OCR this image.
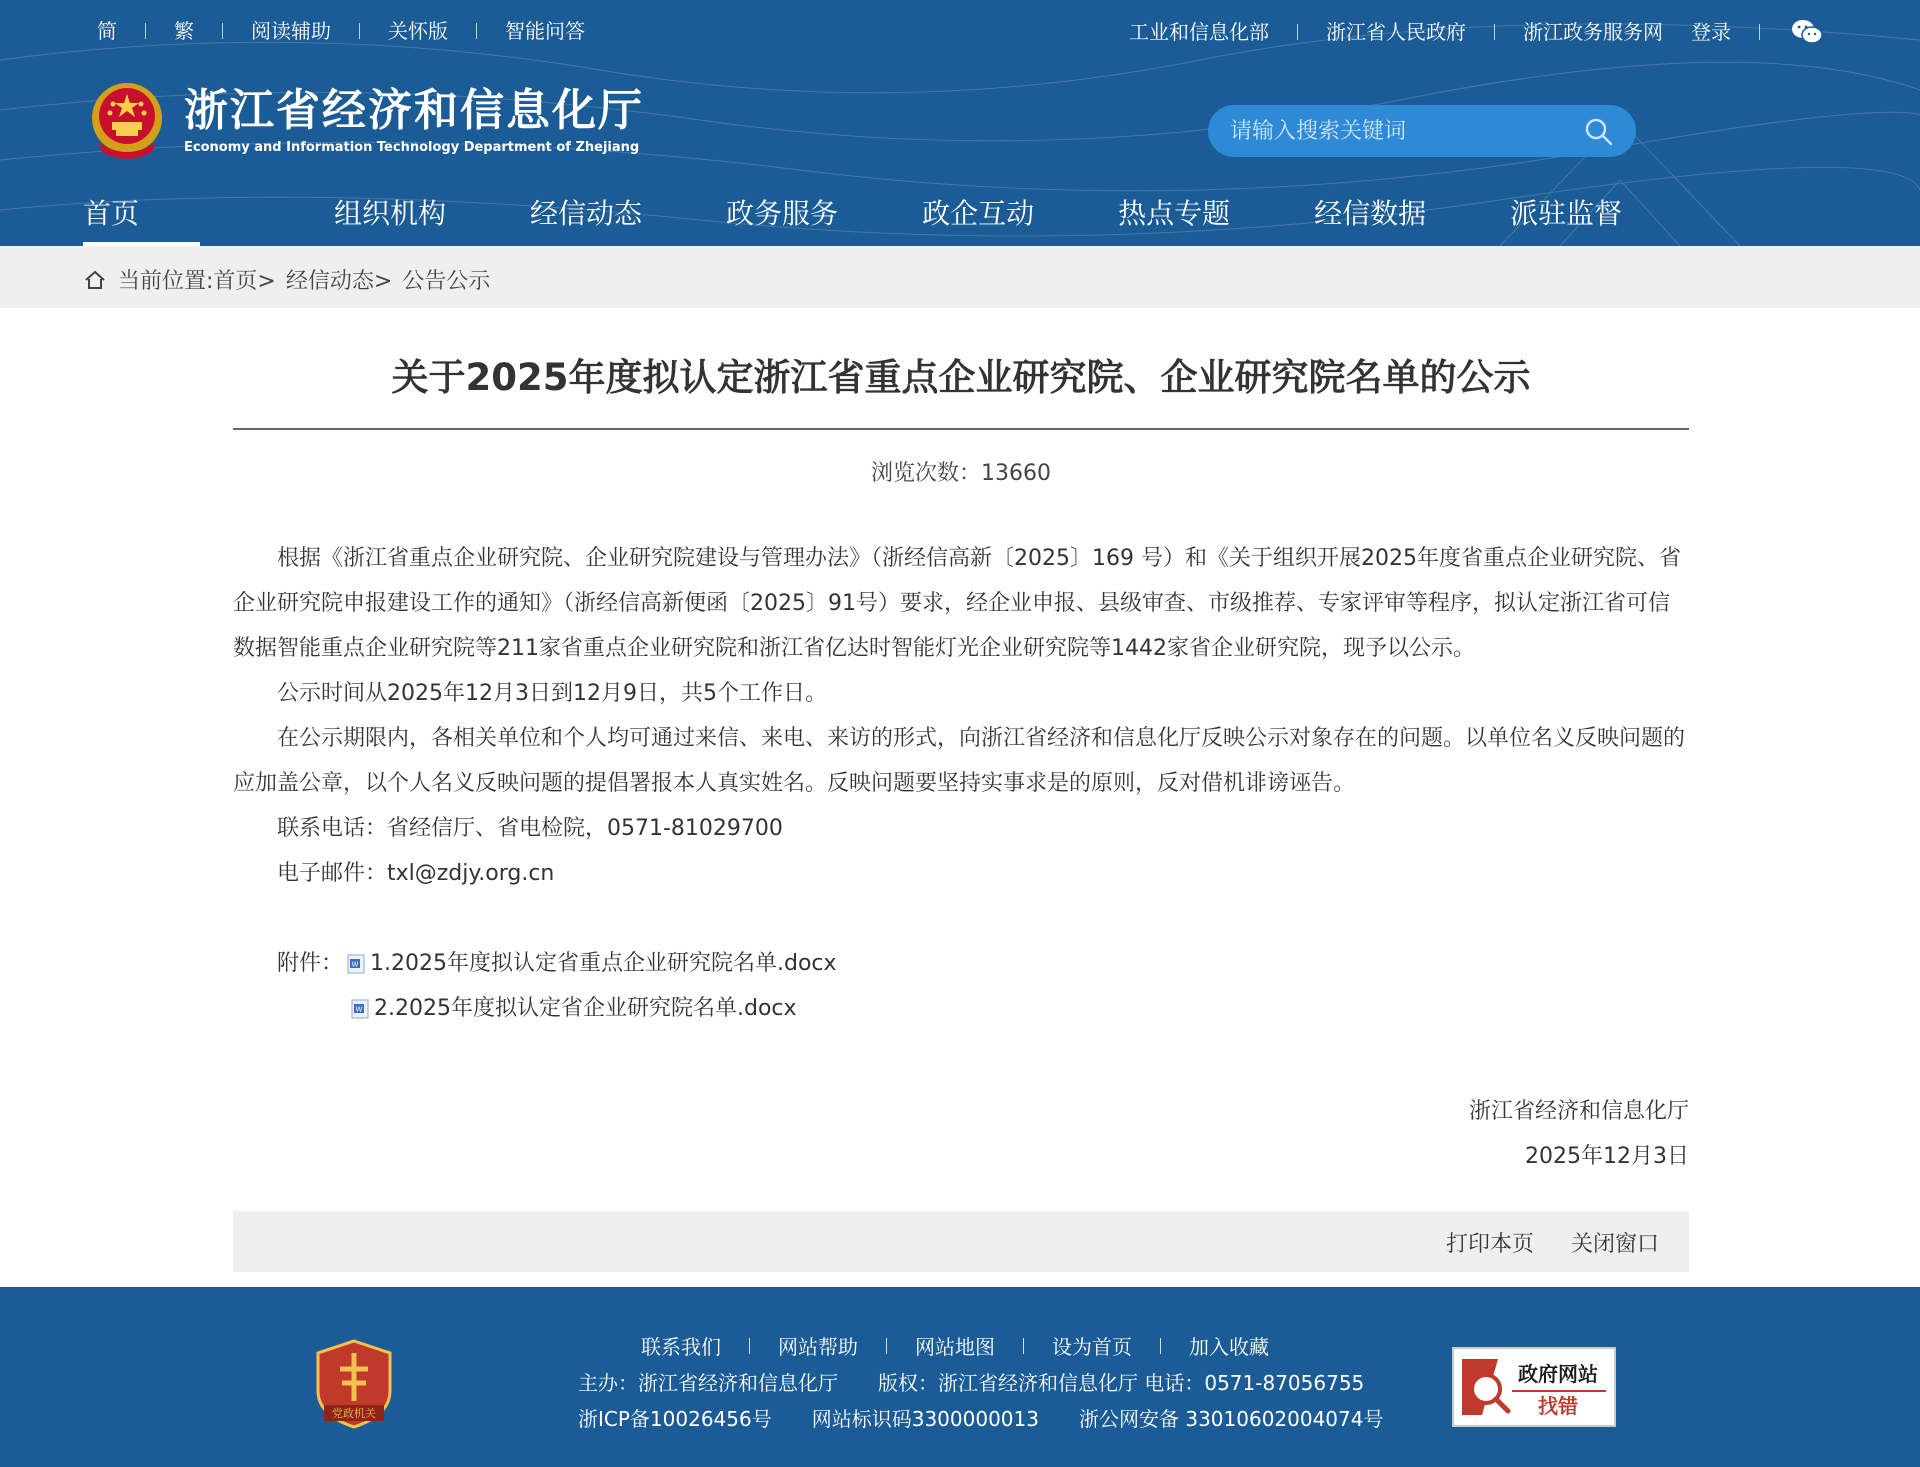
简	繁	阅读辅助	关怀版	智能问答	工业和信息化部	浙江省人民政府	浙江政务服务网 登录
浙江省经济和信息化厅
Economy and Information Technology Department of Zhejiang
请输入搜索关键词
首页	组织机构	经信动态	政务服务	政企互动	热点专题	经信数据	派驻监督
当前位置: 首页> 经信动态> 公告公示
关于2025年度拟认定浙江省重点企业研究院、企业研究院名单的公示
浏览次数：13660

根据《浙江省重点企业研究院、企业研究院建设与管理办法》（浙经信高新〔2025〕169 号）和《关于组织开展2025年度省重点企业研究院、省企业研究院申报建设工作的通知》（浙经信高新便函〔2025〕91号）要求，经企业申报、县级审查、市级推荐、专家评审等程序，拟认定浙江省可信数据智能重点企业研究院等211家省重点企业研究院和浙江省亿达时智能灯光企业研究院等1442家省企业研究院，现予以公示。

公示时间从2025年12月3日到12月9日，共5个工作日。

在公示期限内，各相关单位和个人均可通过来信、来电、来访的形式，向浙江省经济和信息化厅反映公示对象存在的问题。以单位名义反映问题的应加盖公章，以个人名义反映问题的提倡署报本人真实姓名。反映问题要坚持实事求是的原则，反对借机诽谤诬告。

联系电话：省经信厅、省电检院，0571-81029700

电子邮件：txl@zdjy.org.cn

附件： W 1.2025年度拟认定省重点企业研究院名单.docx
W 2.2025年度拟认定省企业研究院名单.docx
浙江省经济和信息化厅
2025年12月3日
打印本页 关闭窗口
党政机关
联系我们	网站帮助	网站地图	设为首页	加入收藏
主办：浙江省经济和信息化厅 版权：浙江省经济和信息化厅 电话：0571-87056755
浙ICP备10026456号 网站标识码3300000013 浙公网安备 33010602004074号
政府网站
找错
